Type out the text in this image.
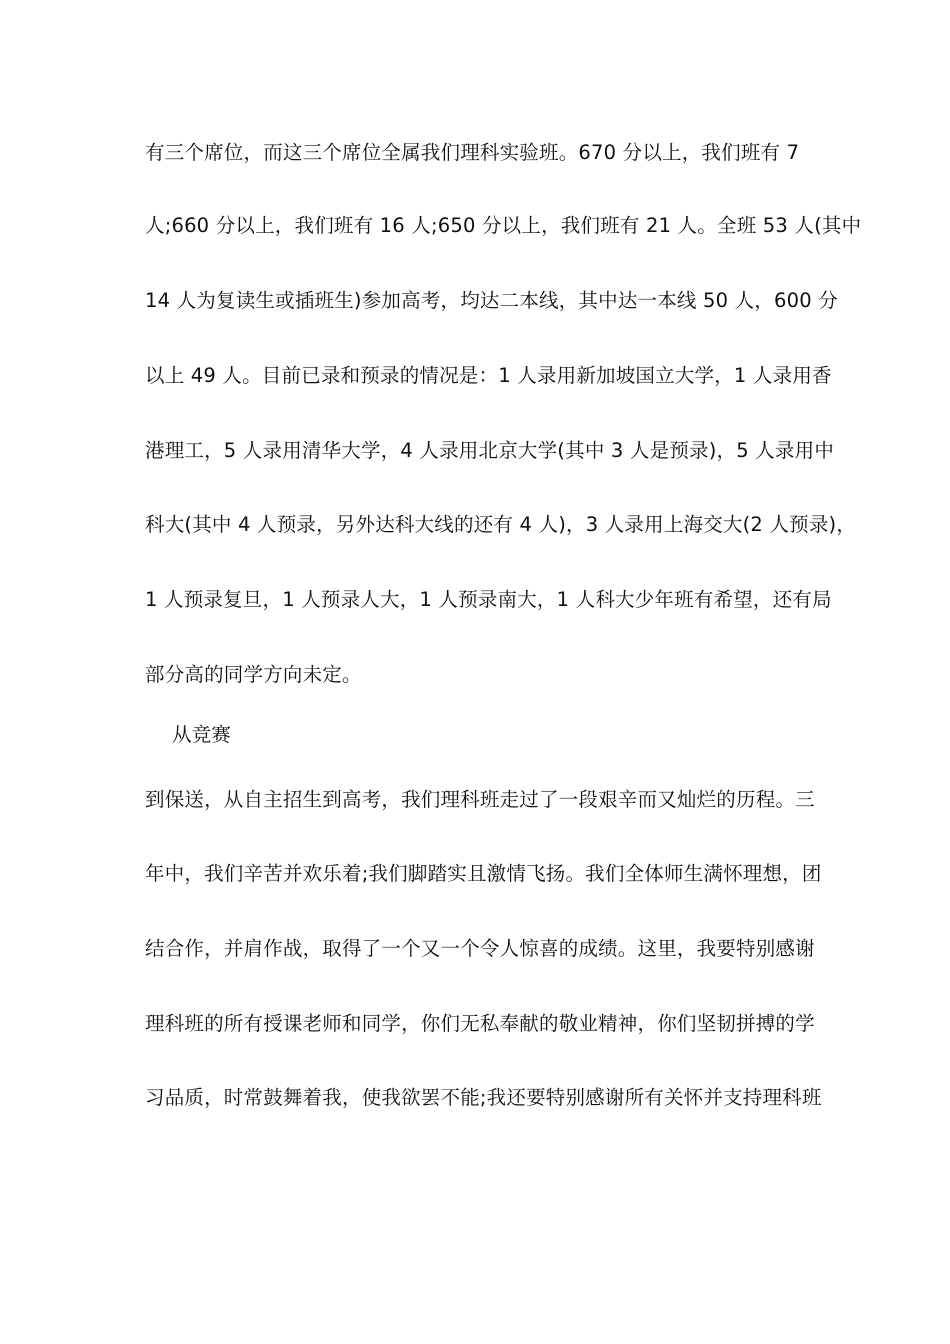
有三个席位，而这三个席位全属我们理科实验班。670 分以上，我们班有 7
人;660 分以上，我们班有 16 人;650 分以上，我们班有 21 人。全班 53 人(其中
14 人为复读生或插班生)参加高考，均达二本线，其中达一本线 50 人，600 分
以上 49 人。目前已录和预录的情况是：1 人录用新加坡国立大学，1 人录用香
港理工，5 人录用清华大学，4 人录用北京大学(其中 3 人是预录)，5 人录用中
科大(其中 4 人预录，另外达科大线的还有 4 人)，3 人录用上海交大(2 人预录)，
1 人预录复旦，1 人预录人大，1 人预录南大，1 人科大少年班有希望，还有局
部分高的同学方向未定。
从竞赛
到保送，从自主招生到高考，我们理科班走过了一段艰辛而又灿烂的历程。三
年中，我们辛苦并欢乐着;我们脚踏实且激情飞扬。我们全体师生满怀理想，团
结合作，并肩作战，取得了一个又一个令人惊喜的成绩。这里，我要特别感谢
理科班的所有授课老师和同学，你们无私奉献的敬业精神，你们坚韧拼搏的学
习品质，时常鼓舞着我，使我欲罢不能;我还要特别感谢所有关怀并支持理科班
